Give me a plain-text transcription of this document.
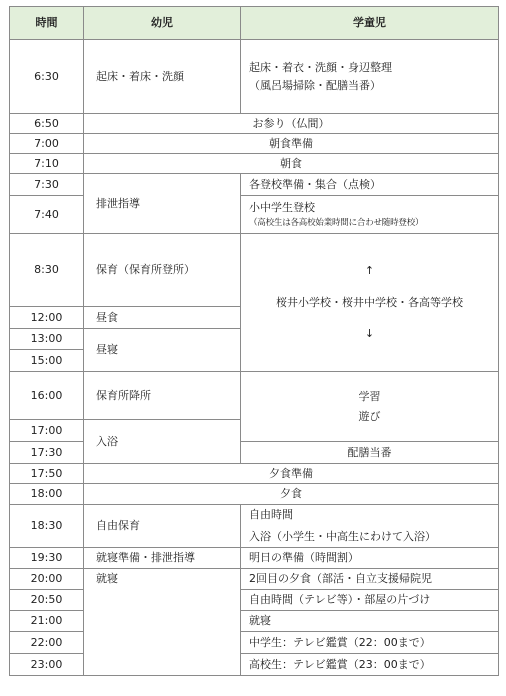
時間	幼児	学童児
6:30	起床・着床・洗顔	起床・着衣・洗顔・身辺整理
（風呂場掃除・配膳当番）

6:50	お参り（仏間）	
7:00	朝食準備	
7:10	朝食	
7:30	排泄指導	各登校準備・集合（点検）
7:40		小中学生登校
（高校生は各高校始業時間に合わせ随時登校）

8:30	保育（保育所登所）	↑
桜井小学校・桜井中学校・各高等学校
↓

12:00	昼食	
13:00	昼寝	
15:00		
16:00	保育所降所	学習
遊び

17:00	入浴	
17:30		配膳当番
17:50	夕食準備	
18:00	夕食	
18:30	自由保育	自由時間
入浴（小学生・中高生にわけて入浴）

19:30	就寝準備・排泄指導	明日の準備（時間割）
20:00	就寝	2回目の夕食（部活・自立支援帰院児
20:50		自由時間（テレビ等）・部屋の片づけ
21:00		就寝
22:00		中学生：テレビ鑑賞（22：00まで）
23:00		高校生：テレビ鑑賞（23：00まで）
